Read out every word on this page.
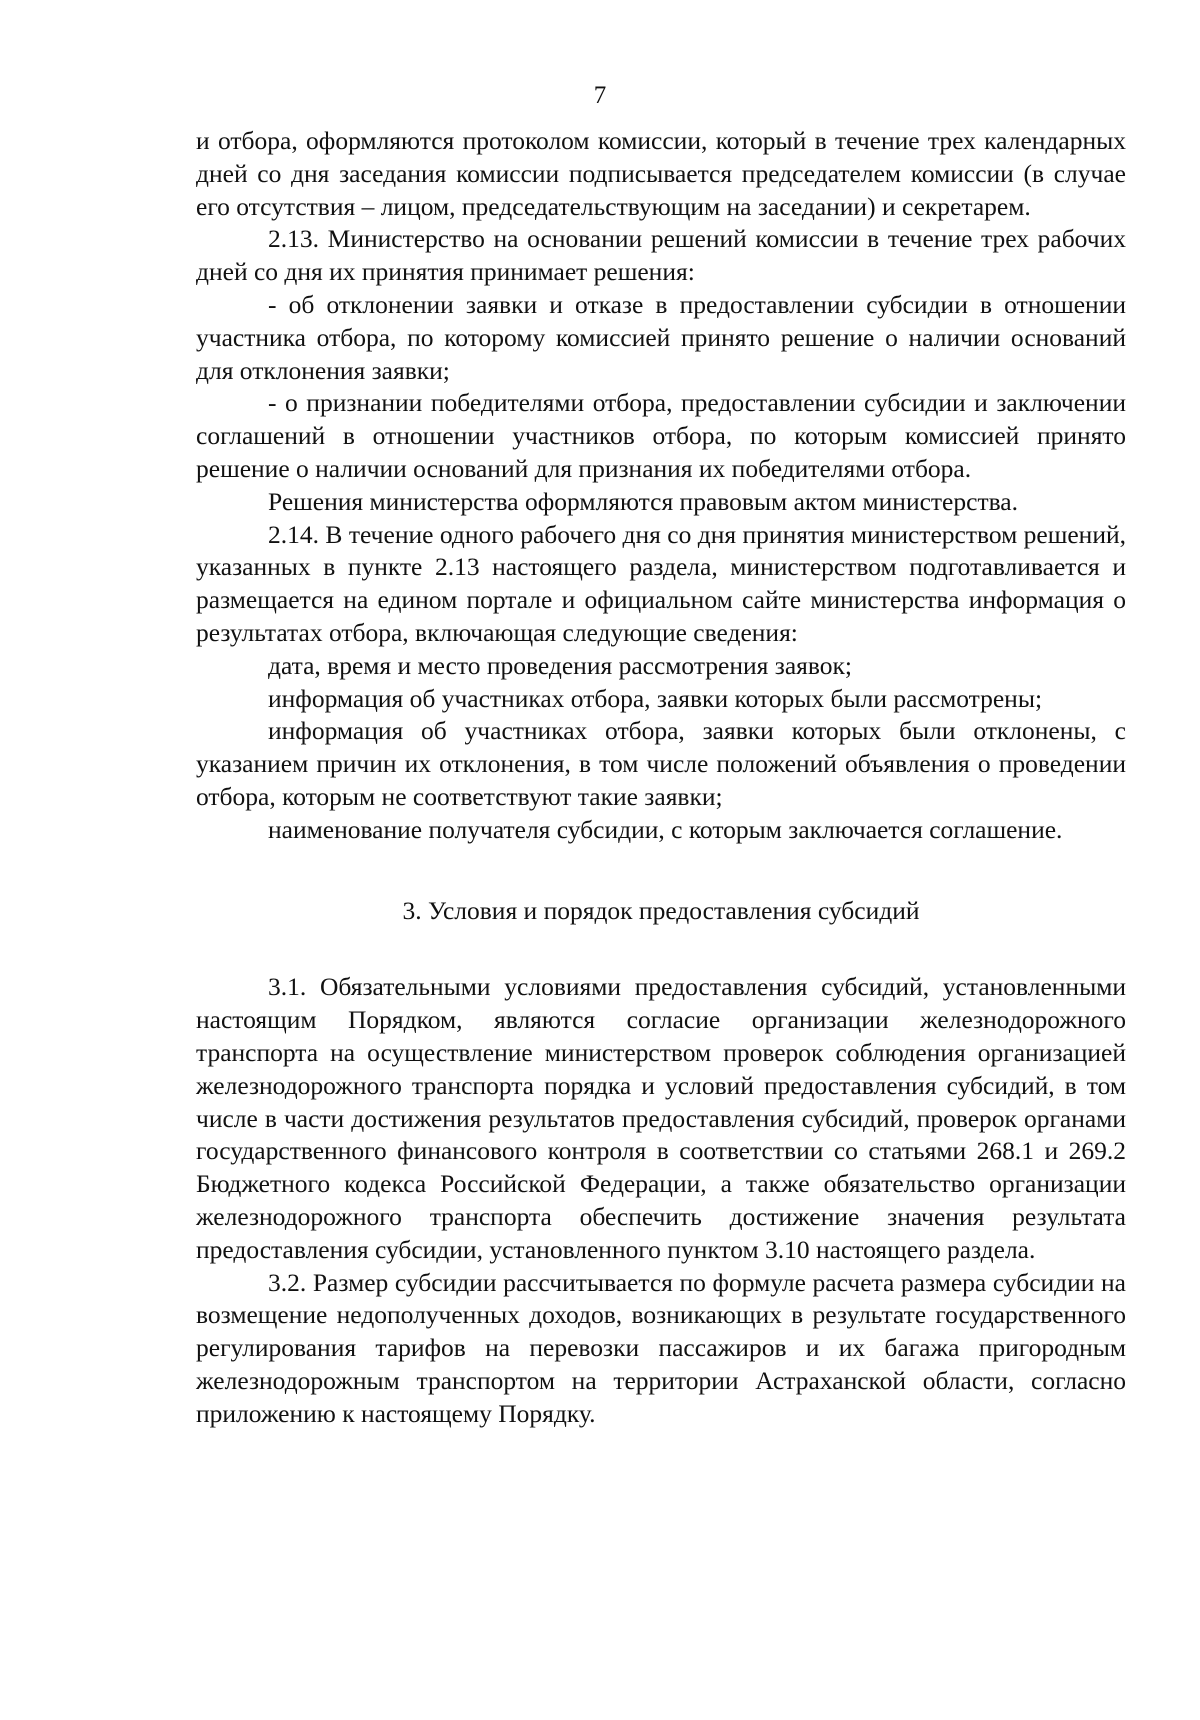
7

и отбора, оформляются протоколом комиссии, который в течение трех календарных дней со дня заседания комиссии подписывается председателем комиссии (в случае его отсутствия – лицом, председательствующим на заседании) и секретарем.

2.13. Министерство на основании решений комиссии в течение трех рабочих дней со дня их принятия принимает решения:

- об отклонении заявки и отказе в предоставлении субсидии в отношении участника отбора, по которому комиссией принято решение о наличии оснований для отклонения заявки;

- о признании победителями отбора, предоставлении субсидии и заключении соглашений в отношении участников отбора, по которым комиссией принято решение о наличии оснований для признания их победителями отбора.

Решения министерства оформляются правовым актом министерства.

2.14. В течение одного рабочего дня со дня принятия министерством решений, указанных в пункте 2.13 настоящего раздела, министерством подготавливается и размещается на едином портале и официальном сайте министерства информация о результатах отбора, включающая следующие сведения:

дата, время и место проведения рассмотрения заявок;

информация об участниках отбора, заявки которых были рассмотрены;

информация об участниках отбора, заявки которых были отклонены, с указанием причин их отклонения, в том числе положений объявления о проведении отбора, которым не соответствуют такие заявки;

наименование получателя субсидии, с которым заключается соглашение.

3. Условия и порядок предоставления субсидий

3.1. Обязательными условиями предоставления субсидий, установленными настоящим Порядком, являются согласие организации железнодорожного транспорта на осуществление министерством проверок соблюдения организацией железнодорожного транспорта порядка и условий предоставления субсидий, в том числе в части достижения результатов предоставления субсидий, проверок органами государственного финансового контроля в соответствии со статьями 268.1 и 269.2 Бюджетного кодекса Российской Федерации, а также обязательство организации железнодорожного транспорта обеспечить достижение значения результата предоставления субсидии, установленного пунктом 3.10 настоящего раздела.

3.2. Размер субсидии рассчитывается по формуле расчета размера субсидии на возмещение недополученных доходов, возникающих в результате государственного регулирования тарифов на перевозки пассажиров и их багажа пригородным железнодорожным транспортом на территории Астраханской области, согласно приложению к настоящему Порядку.
